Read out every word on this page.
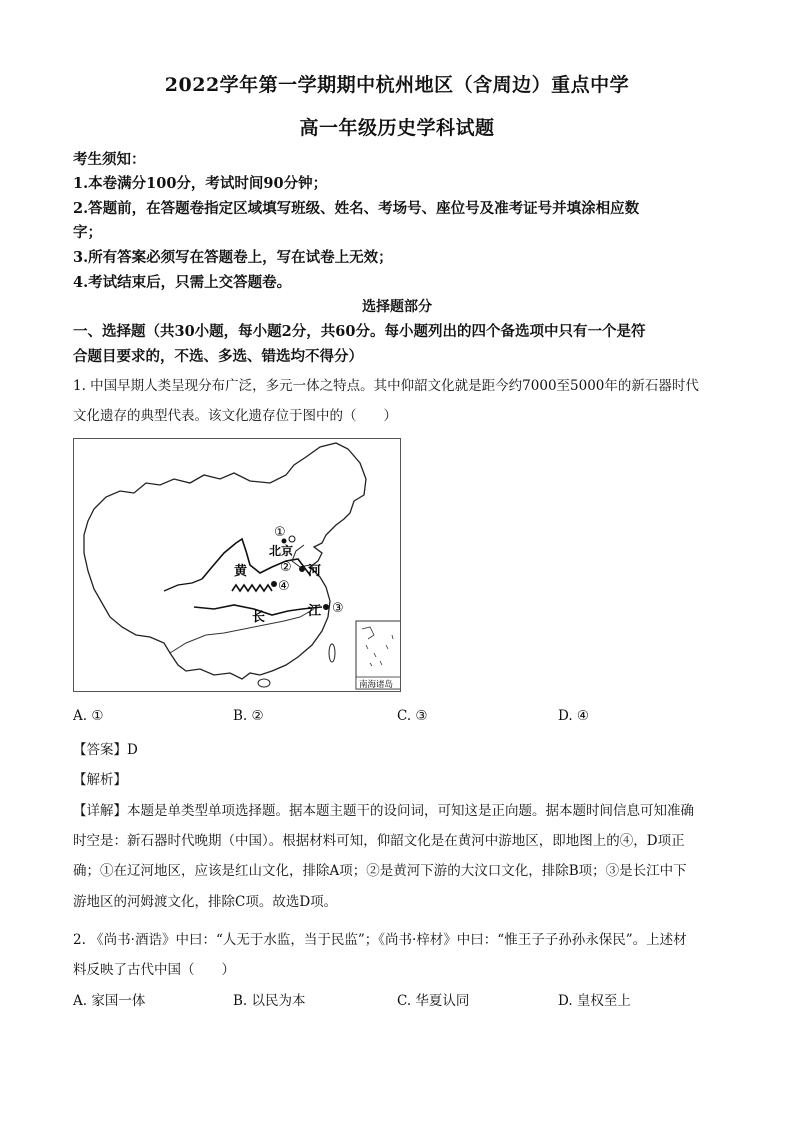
2022学年第一学期期中杭州地区（含周边）重点中学
高一年级历史学科试题
考生须知：
1.本卷满分100分，考试时间90分钟；
2.答题前，在答题卷指定区域填写班级、姓名、考场号、座位号及准考证号并填涂相应数
字；
3.所有答案必须写在答题卷上，写在试卷上无效；
4.考试结束后，只需上交答题卷。
选择题部分
一、选择题（共30小题，每小题2分，共60分。每小题列出的四个备选项中只有一个是符
合题目要求的，不选、多选、错选均不得分）
1. 中国早期人类呈现分布广泛，多元一体之特点。其中仰韶文化就是距今约7000至5000年的新石器时代
文化遗存的典型代表。该文化遗存位于图中的（　　）
①
北京
②
④
③
黄	河
长	江
南海诸岛
A. ①	B. ②	C. ③	D. ④
【答案】D
【解析】
【详解】本题是单类型单项选择题。据本题主题干的设问词，可知这是正向题。据本题时间信息可知准确
时空是：新石器时代晚期（中国）。根据材料可知，仰韶文化是在黄河中游地区，即地图上的④，D项正
确；①在辽河地区，应该是红山文化，排除A项；②是黄河下游的大汶口文化，排除B项；③是长江中下
游地区的河姆渡文化，排除C项。故选D项。
2. 《尚书·酒诰》中曰：“人无于水监，当于民监”；《尚书·梓材》中曰：“惟王子子孙孙永保民”。上述材
料反映了古代中国（　　）
A. 家国一体	B. 以民为本	C. 华夏认同	D. 皇权至上
